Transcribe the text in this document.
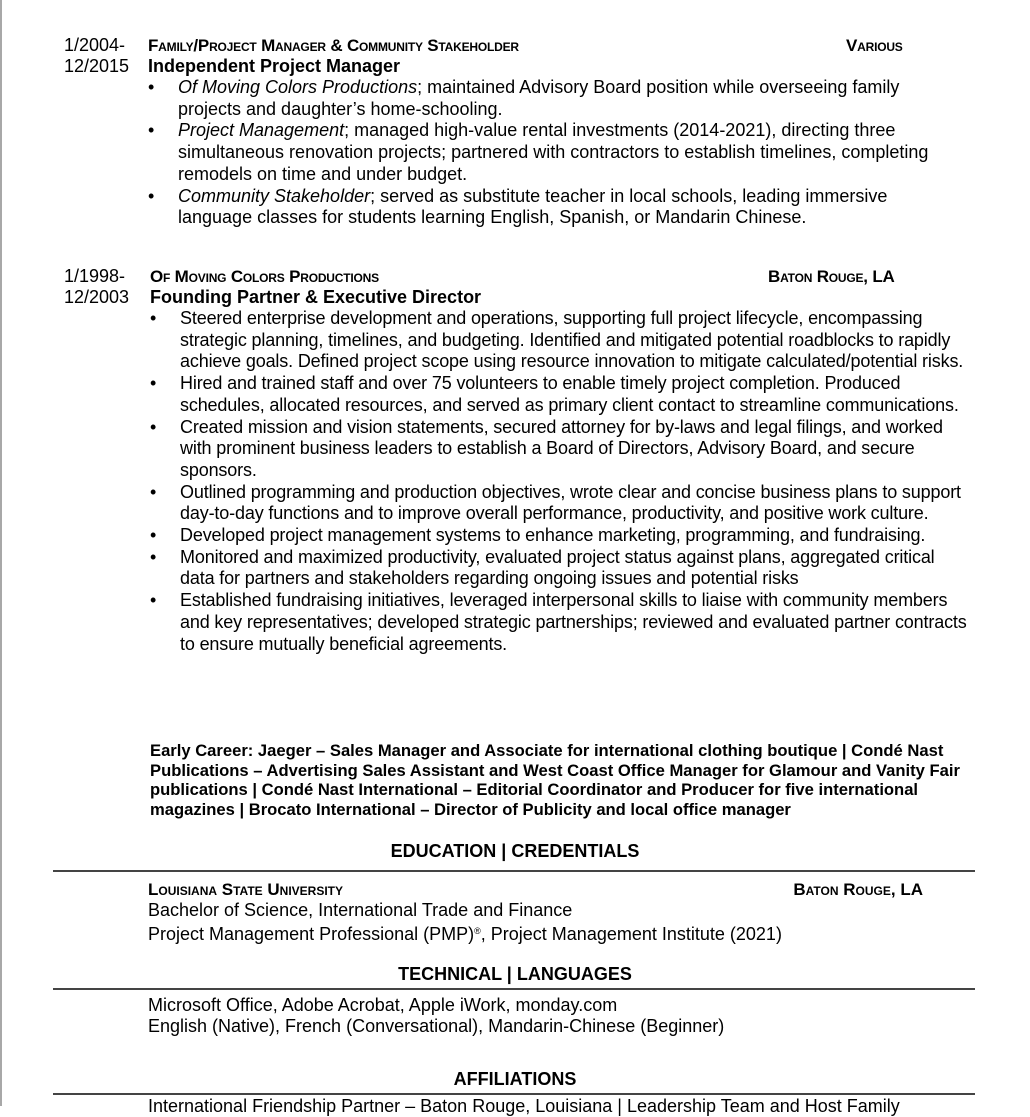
1/2004-
12/2015
Family/Project Manager & Community Stakeholder	Various
Independent Project Manager
• Of Moving Colors Productions; maintained Advisory Board position while overseeing family projects and daughter’s home-schooling.
• Project Management; managed high-value rental investments (2014-2021), directing three simultaneous renovation projects; partnered with contractors to establish timelines, completing remodels on time and under budget.
• Community Stakeholder; served as substitute teacher in local schools, leading immersive language classes for students learning English, Spanish, or Mandarin Chinese.
1/1998-
12/2003
Of Moving Colors Productions	Baton Rouge, LA
Founding Partner & Executive Director
• Steered enterprise development and operations, supporting full project lifecycle, encompassing strategic planning, timelines, and budgeting. Identified and mitigated potential roadblocks to rapidly achieve goals. Defined project scope using resource innovation to mitigate calculated/potential risks.
• Hired and trained staff and over 75 volunteers to enable timely project completion. Produced schedules, allocated resources, and served as primary client contact to streamline communications.
• Created mission and vision statements, secured attorney for by-laws and legal filings, and worked with prominent business leaders to establish a Board of Directors, Advisory Board, and secure sponsors.
• Outlined programming and production objectives, wrote clear and concise business plans to support day-to-day functions and to improve overall performance, productivity, and positive work culture.
• Developed project management systems to enhance marketing, programming, and fundraising.
• Monitored and maximized productivity, evaluated project status against plans, aggregated critical data for partners and stakeholders regarding ongoing issues and potential risks
• Established fundraising initiatives, leveraged interpersonal skills to liaise with community members and key representatives; developed strategic partnerships; reviewed and evaluated partner contracts to ensure mutually beneficial agreements.
Early Career: Jaeger – Sales Manager and Associate for international clothing boutique | Condé Nast Publications – Advertising Sales Assistant and West Coast Office Manager for Glamour and Vanity Fair publications | Condé Nast International – Editorial Coordinator and Producer for five international magazines | Brocato International – Director of Publicity and local office manager
EDUCATION | CREDENTIALS
Louisiana State University	Baton Rouge, LA
Bachelor of Science, International Trade and Finance
Project Management Professional (PMP)®, Project Management Institute (2021)
TECHNICAL | LANGUAGES
Microsoft Office, Adobe Acrobat, Apple iWork, monday.com
English (Native), French (Conversational), Mandarin-Chinese (Beginner)
AFFILIATIONS
International Friendship Partner – Baton Rouge, Louisiana | Leadership Team and Host Family
